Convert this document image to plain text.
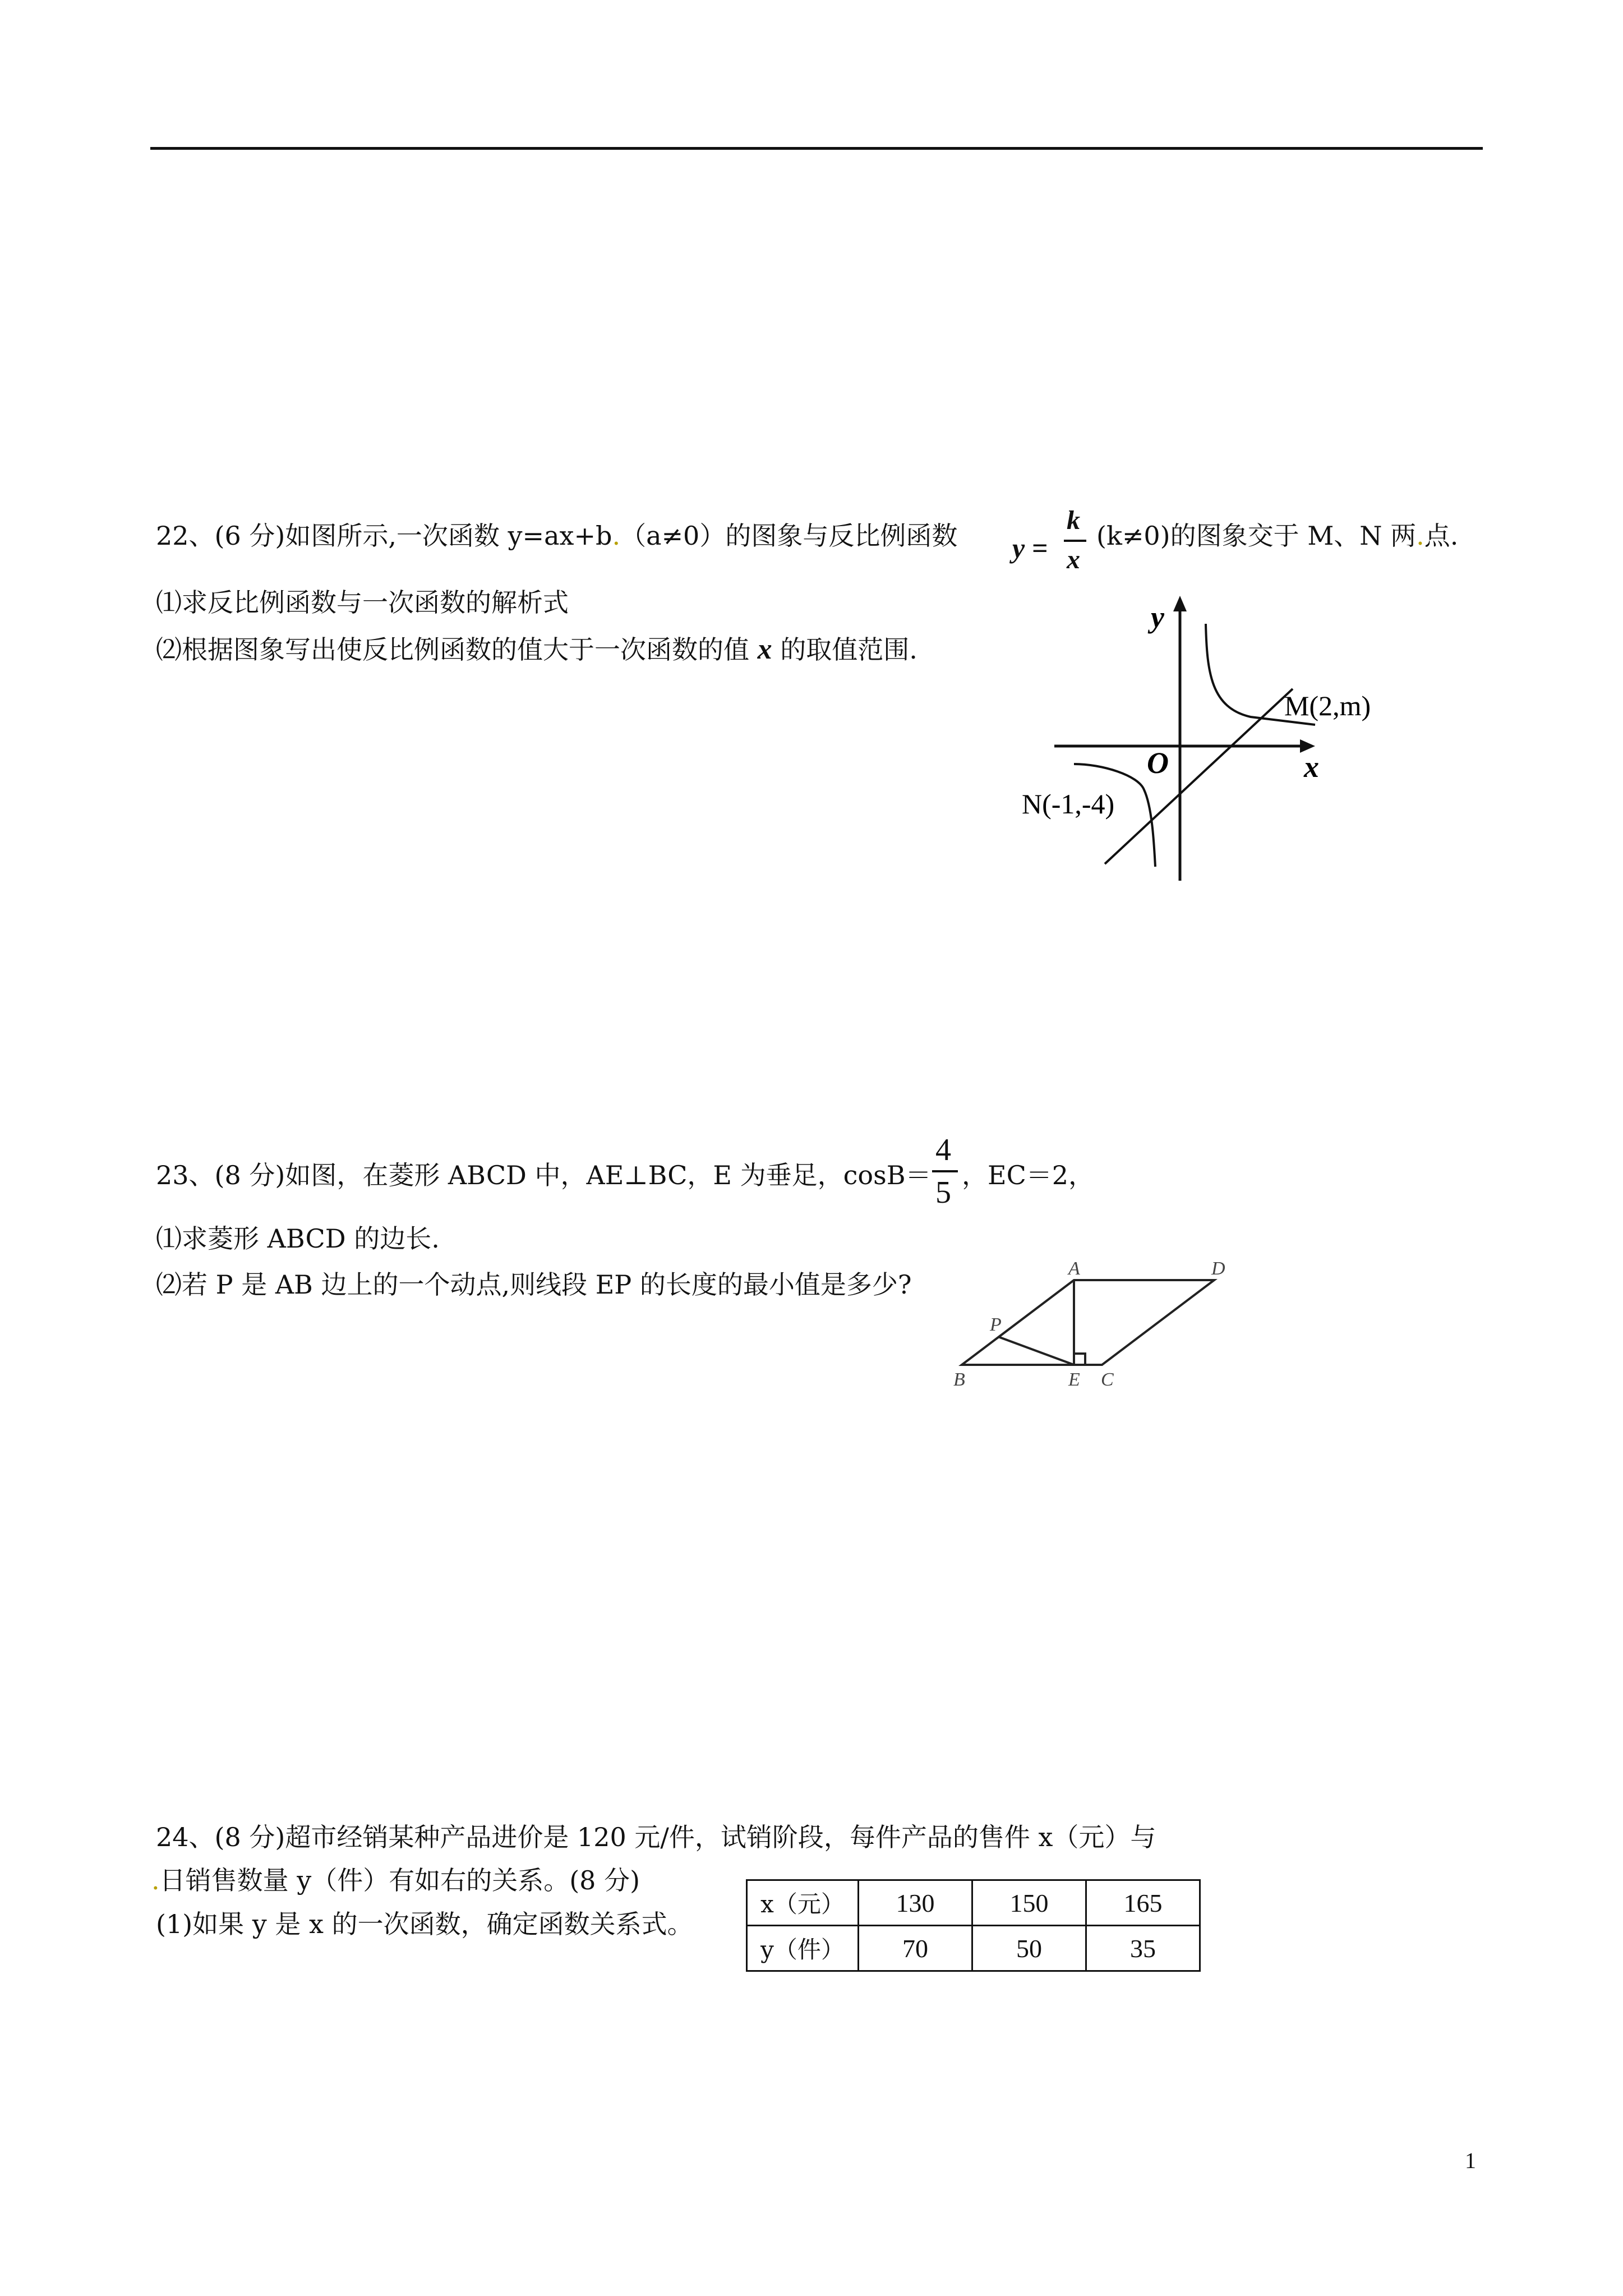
22、(6 分)如图所示,一次函数 y=ax+b.（a≠0）的图象与反比例函数 y =
k
x
(k≠0)的图象交于 M、N 两.点.
⑴求反比例函数与一次函数的解析式
⑵根据图象写出使反比例函数的值大于一次函数的值 x 的取值范围.
y
x
O
M(2,m)
N(-1,-4)
23、(8 分)如图，在菱形 ABCD 中，AE⊥BC，E 为垂足，cosB＝
4
5 ，EC＝2，
⑴求菱形 ABCD 的边长.
⑵若 P 是 AB 边上的一个动点,则线段 EP 的长度的最小值是多少?
A	D
P
B	E C
24、(8 分)超市经销某种产品进价是 120 元/件，试销阶段，每件产品的售件 x（元）与
.日销售数量 y（件）有如右的关系。(8 分)
(1)如果 y 是 x 的一次函数，确定函数关系式。
x（元）	130	150	165
y（件）	70	50	35
1
